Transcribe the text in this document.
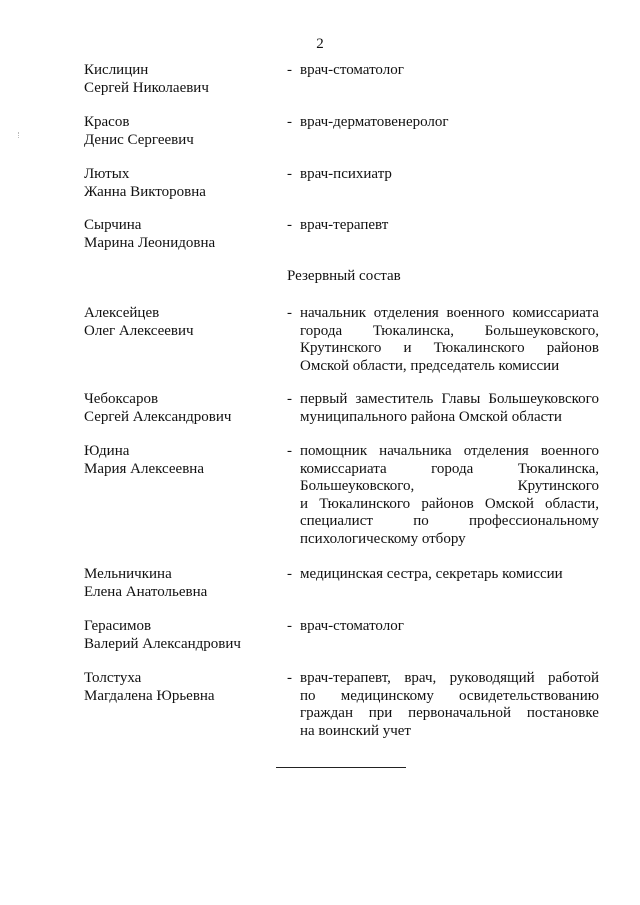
2
Кислицин
Сергей Николаевич
- врач-стоматолог
Красов
Денис Сергеевич
- врач-дерматовенеролог
Лютых
Жанна Викторовна
- врач-психиатр
Сырчина
Марина Леонидовна
- врач-терапевт
Резервный состав
Алексейцев
Олег Алексеевич
- начальник отделения военного комиссариата
города Тюкалинска, Большеуковского,
Крутинского и Тюкалинского районов
Омской области, председатель комиссии
Чебоксаров
Сергей Александрович
- первый заместитель Главы Большеуковского
муниципального района Омской области
Юдина
Мария Алексеевна
- помощник начальника отделения военного
комиссариата	города	Тюкалинска,
Большеуковского,	Крутинского
и Тюкалинского районов Омской области,
специалист	по	профессиональному
психологическому отбору
Мельничкина
Елена Анатольевна
- медицинская сестра, секретарь комиссии
Герасимов
Валерий Александрович
- врач-стоматолог
Толстуха
Магдалена Юрьевна
- врач-терапевт, врач, руководящий работой
по медицинскому освидетельствованию
граждан при первоначальной постановке
на воинский учет
